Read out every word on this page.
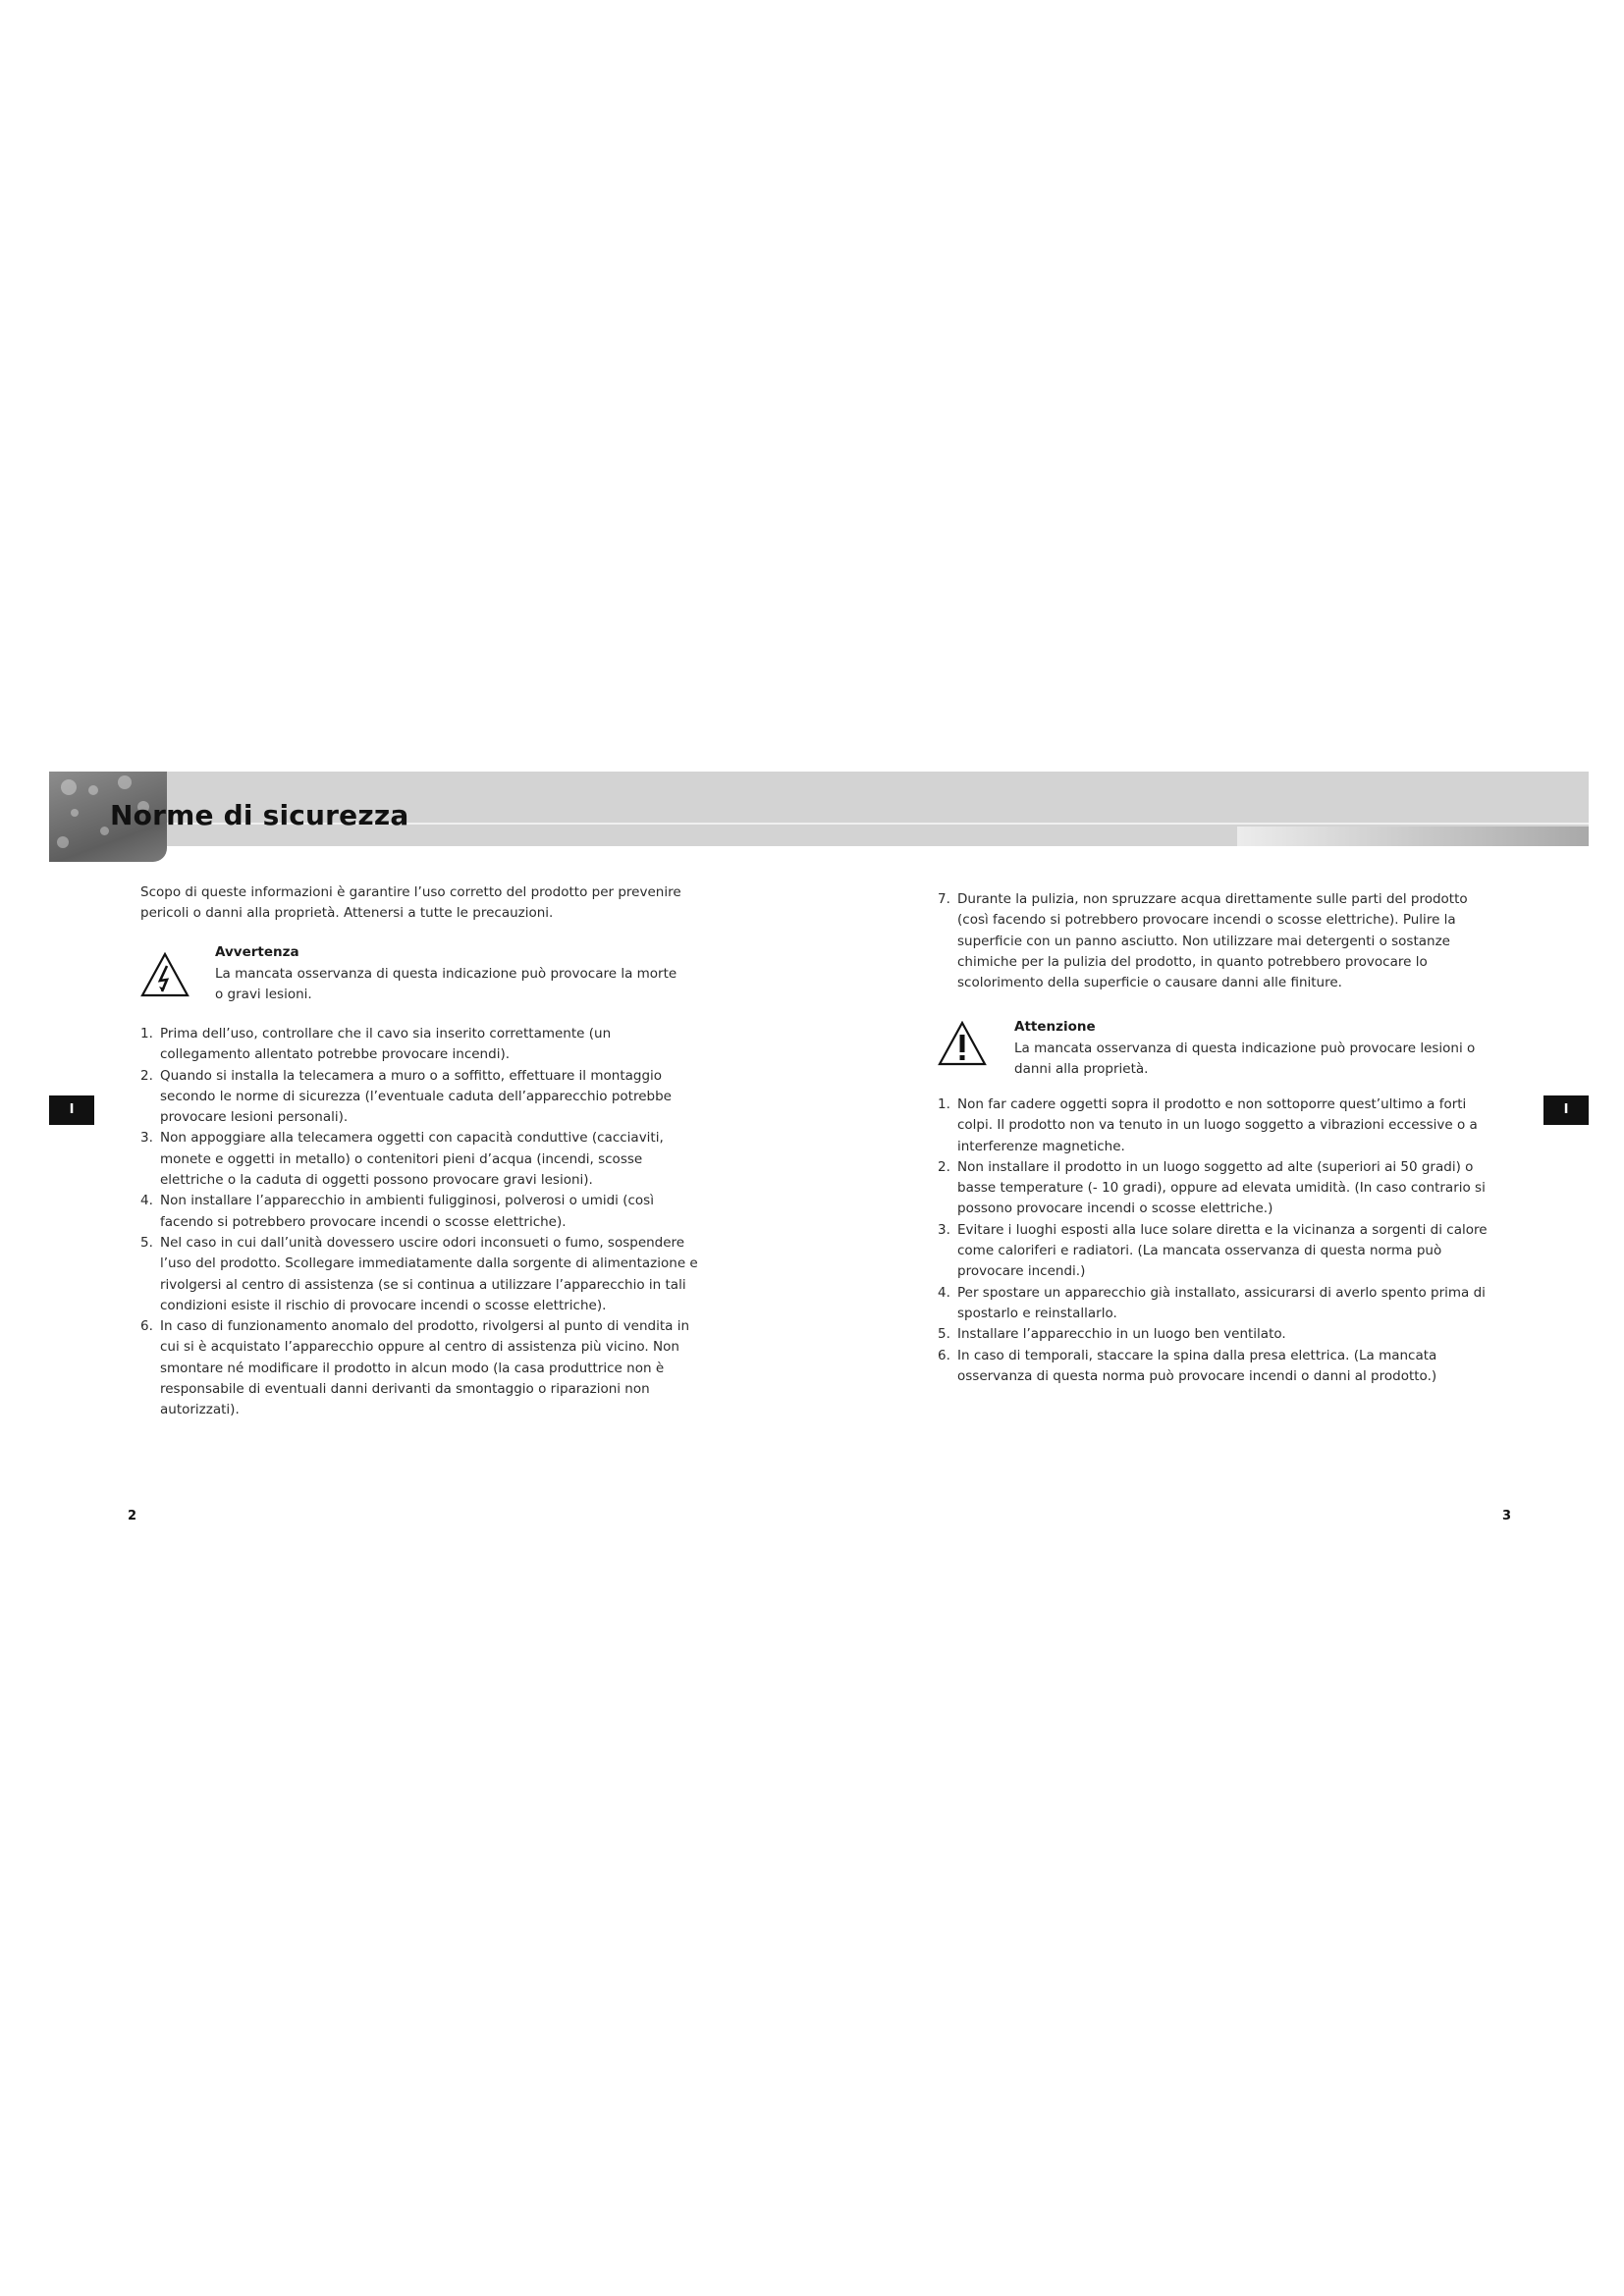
Norme di sicurezza
I	I
Scopo di queste informazioni è garantire l’uso corretto del prodotto per prevenire pericoli o danni alla proprietà. Attenersi a tutte le precauzioni.
Avvertenza
La mancata osservanza di questa indicazione può provocare la morte o gravi lesioni.
1. Prima dell’uso, controllare che il cavo sia inserito correttamente (un collegamento allentato potrebbe provocare incendi).
2. Quando si installa la telecamera a muro o a soffitto, effettuare il montaggio secondo le norme di sicurezza (l’eventuale caduta dell’apparecchio potrebbe provocare lesioni personali).
3. Non appoggiare alla telecamera oggetti con capacità conduttive (cacciaviti, monete e oggetti in metallo) o contenitori pieni d’acqua (incendi, scosse elettriche o la caduta di oggetti possono provocare gravi lesioni).
4. Non installare l’apparecchio in ambienti fuligginosi, polverosi o umidi (così facendo si potrebbero provocare incendi o scosse elettriche).
5. Nel caso in cui dall’unità dovessero uscire odori inconsueti o fumo, sospendere l’uso del prodotto. Scollegare immediatamente dalla sorgente di alimentazione e rivolgersi al centro di assistenza (se si continua a utilizzare l’apparecchio in tali condizioni esiste il rischio di provocare incendi o scosse elettriche).
6. In caso di funzionamento anomalo del prodotto, rivolgersi al punto di vendita in cui si è acquistato l’apparecchio oppure al centro di assistenza più vicino. Non smontare né modificare il prodotto in alcun modo (la casa produttrice non è responsabile di eventuali danni derivanti da smontaggio o riparazioni non autorizzati).
7. Durante la pulizia, non spruzzare acqua direttamente sulle parti del prodotto (così facendo si potrebbero provocare incendi o scosse elettriche). Pulire la superficie con un panno asciutto. Non utilizzare mai detergenti o sostanze chimiche per la pulizia del prodotto, in quanto potrebbero provocare lo scolorimento della superficie o causare danni alle finiture.
Attenzione
La mancata osservanza di questa indicazione può provocare lesioni o danni alla proprietà.
1. Non far cadere oggetti sopra il prodotto e non sottoporre quest’ultimo a forti colpi. Il prodotto non va tenuto in un luogo soggetto a vibrazioni eccessive o a interferenze magnetiche.
2. Non installare il prodotto in un luogo soggetto ad alte (superiori ai 50 gradi) o basse temperature (- 10 gradi), oppure ad elevata umidità. (In caso contrario si possono provocare incendi o scosse elettriche.)
3. Evitare i luoghi esposti alla luce solare diretta e la vicinanza a sorgenti di calore come caloriferi e radiatori. (La mancata osservanza di questa norma può provocare incendi.)
4. Per spostare un apparecchio già installato, assicurarsi di averlo spento prima di spostarlo e reinstallarlo.
5. Installare l’apparecchio in un luogo ben ventilato.
6. In caso di temporali, staccare la spina dalla presa elettrica. (La mancata osservanza di questa norma può provocare incendi o danni al prodotto.)
2	3
